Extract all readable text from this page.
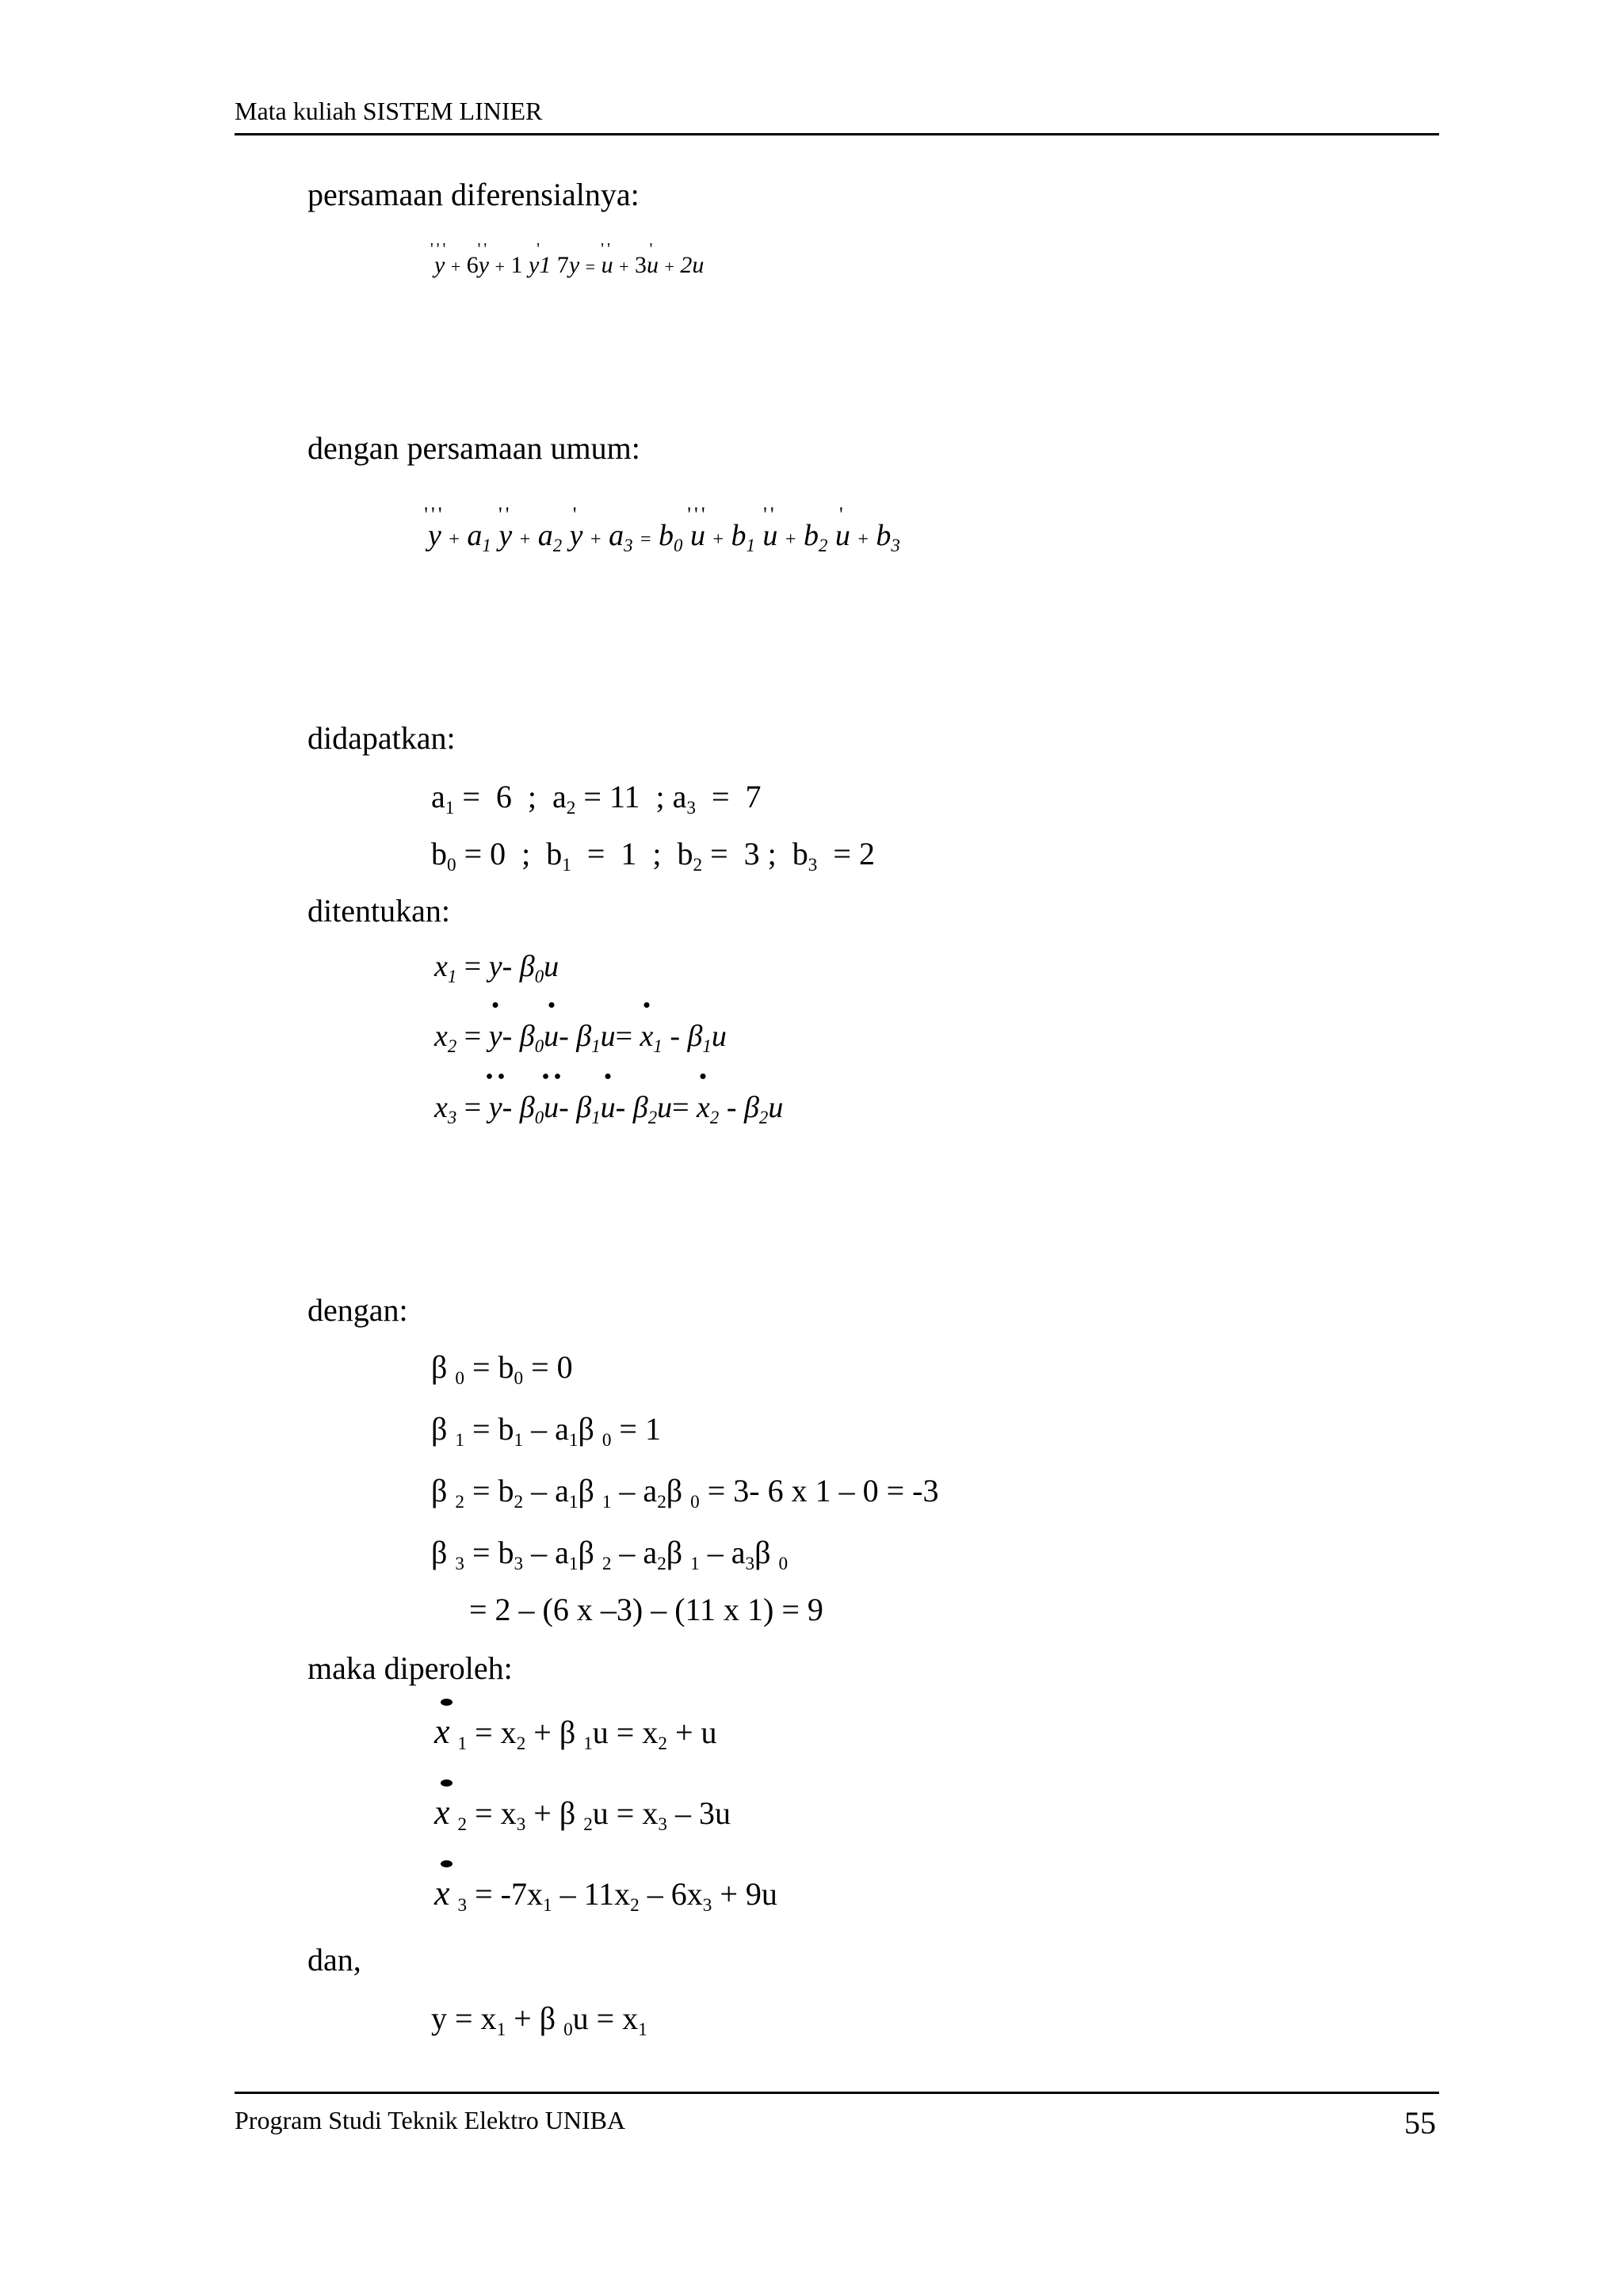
Mata kuliah SISTEM LINIER
persamaan diferensialnya:
''' y + 6'' y + 1 ' y1 7y = '' u + 3' u + 2u
dengan persamaan umum:
''' $y + a_1$ '' $y + a_2$ ' $y + a_3 = b_0$ ''' $u + b_1$ '' $u + b_2$ ' $u + b_3$
didapatkan:
$a_1 = 6$  ;  $a_2 = 11$  ; $a_3 = 7$
$b_0 = 0$  ;  $b_1 = 1$  ;  $b_2 = 3$ ;  $b_3 = 2$
ditentukan:
$x_1 = y-$ $\beta_0u$
$x_2 = y-$ $\beta_0u-$ $\beta_1u= x_1 - \beta_1u$
$x_3 = y-$ $\beta_0u-$ $\beta_1u-$ $\beta_2u= x_2 - \beta_2u$
dengan:
β $_0 = b_0 = 0$
β $_1 = b_1 - a_1\beta$ $_0$ = 1
β $_2 = b_2 - a_1\beta$ $_1 - a_2\beta$ $_0$ = 3- 6 x 1 – 0 = -3
β $_3 = b_3 - a_1\beta$ $_2 - a_2\beta$ $_1 - a_3\beta$ $_0$
= 2 – (6 x –3) – (11 x 1) = 9
maka diperoleh:
x $_1 = x_2 + \beta$ $_1u = x_2 + u$
x $_2 = x_3 + \beta$ $_2u = x_3 - 3u$
x $_3 = -7x_1 - 11x_2 - 6x_3 + 9u$
dan,
$y = x_1 + \beta$ $_0u = x_1$
Program Studi Teknik Elektro UNIBA	55
